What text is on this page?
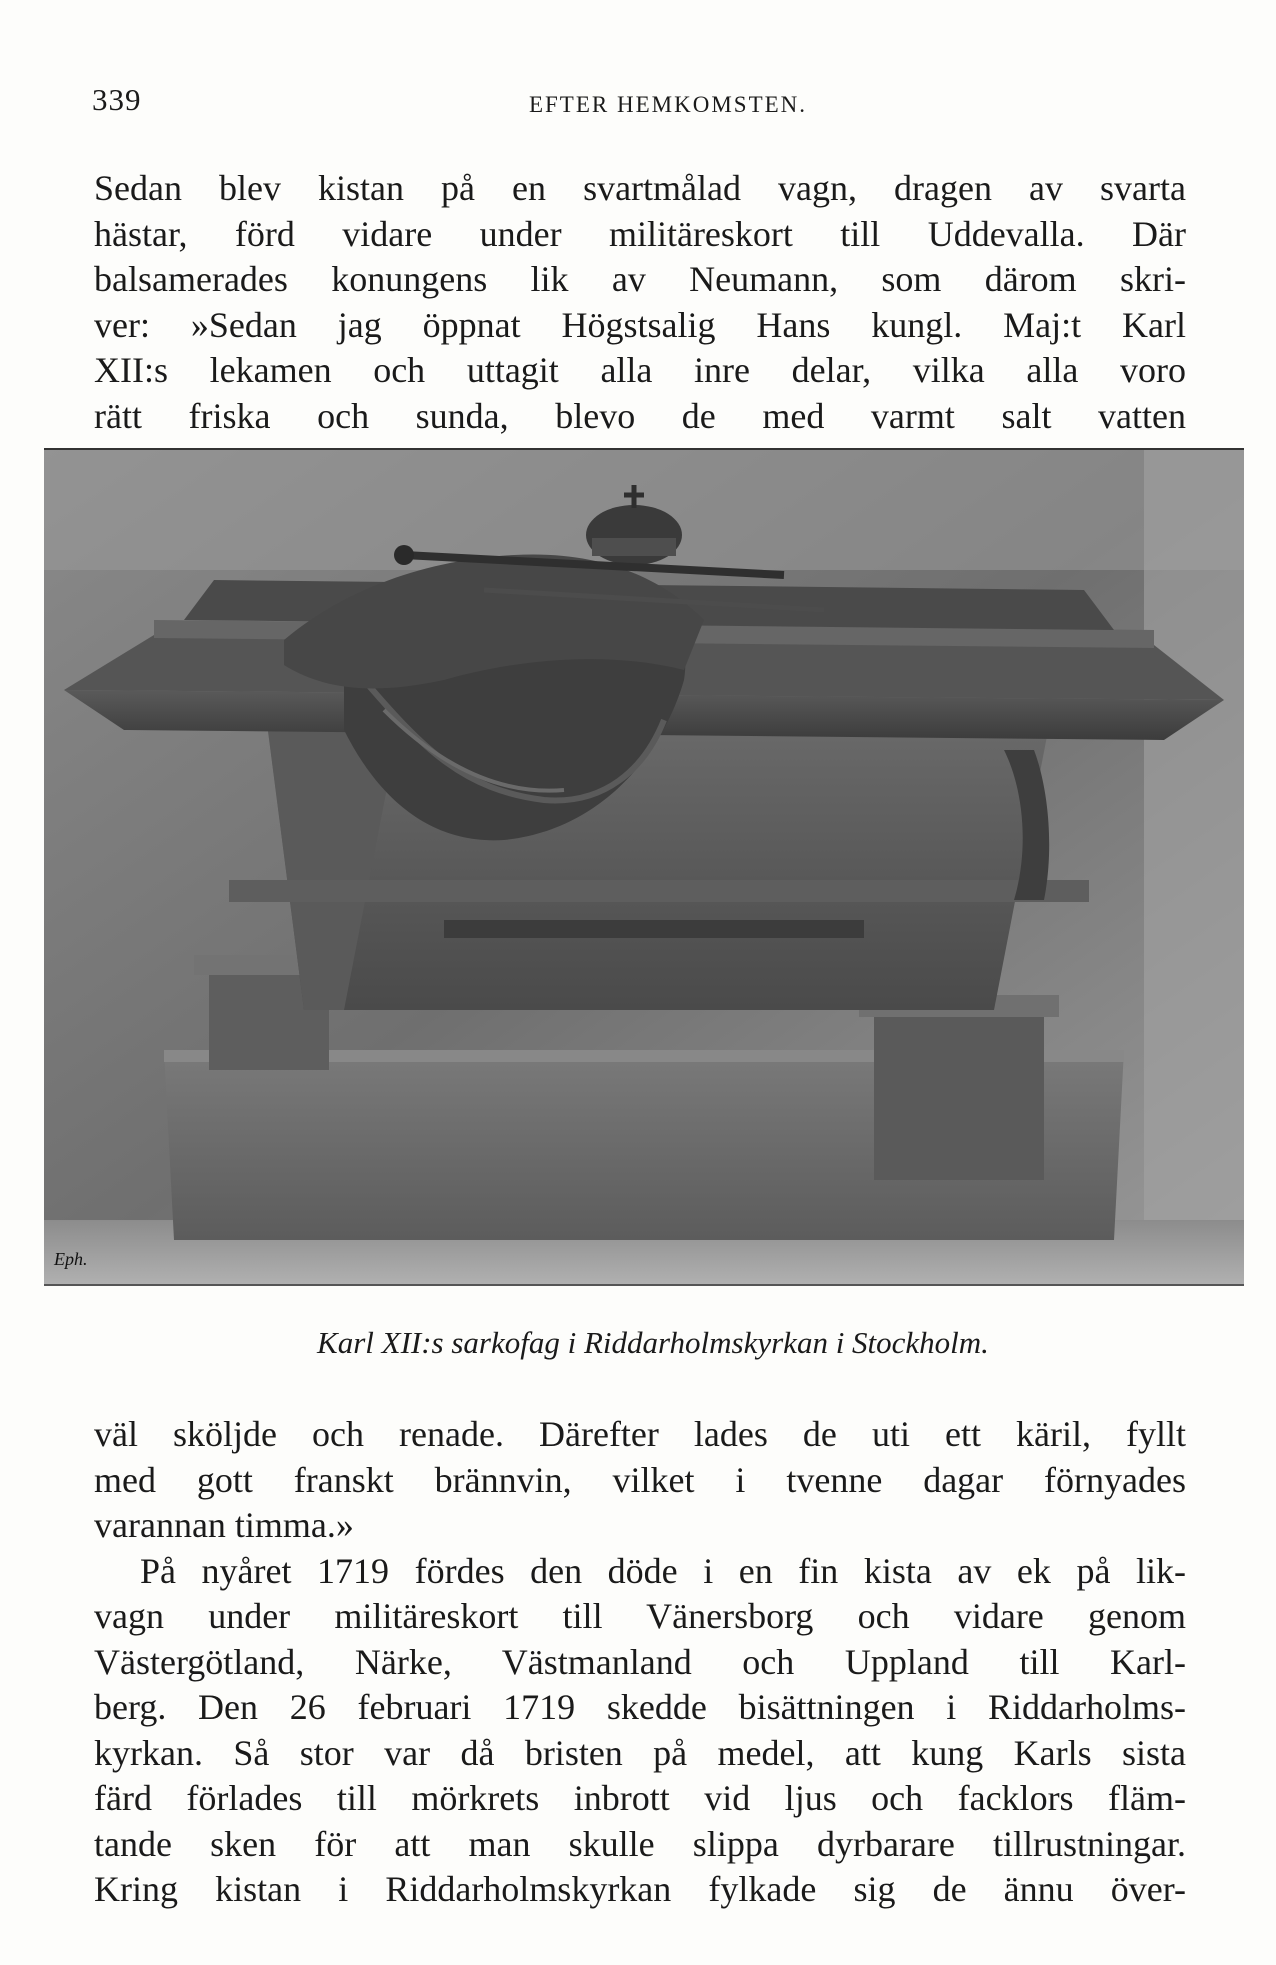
339	EFTER HEMKOMSTEN.
Sedan blev kistan på en svartmålad vagn, dragen av svarta
hästar, förd vidare under militäreskort till Uddevalla. Där
balsamerades konungens lik av Neumann, som därom skri-
ver: »Sedan jag öppnat Högstsalig Hans kungl. Maj:t Karl
XII:s lekamen och uttagit alla inre delar, vilka alla voro
rätt friska och sunda, blevo de med varmt salt vatten
Eph.
Karl XII:s sarkofag i Riddarholmskyrkan i Stockholm.
väl sköljde och renade. Därefter lades de uti ett käril, fyllt
med gott franskt brännvin, vilket i tvenne dagar förnyades
varannan timma.»
På nyåret 1719 fördes den döde i en fin kista av ek på lik-
vagn under militäreskort till Vänersborg och vidare genom
Västergötland, Närke, Västmanland och Uppland till Karl-
berg. Den 26 februari 1719 skedde bisättningen i Riddarholms-
kyrkan. Så stor var då bristen på medel, att kung Karls sista
färd förlades till mörkrets inbrott vid ljus och facklors fläm-
tande sken för att man skulle slippa dyrbarare tillrustningar.
Kring kistan i Riddarholmskyrkan fylkade sig de ännu över-
